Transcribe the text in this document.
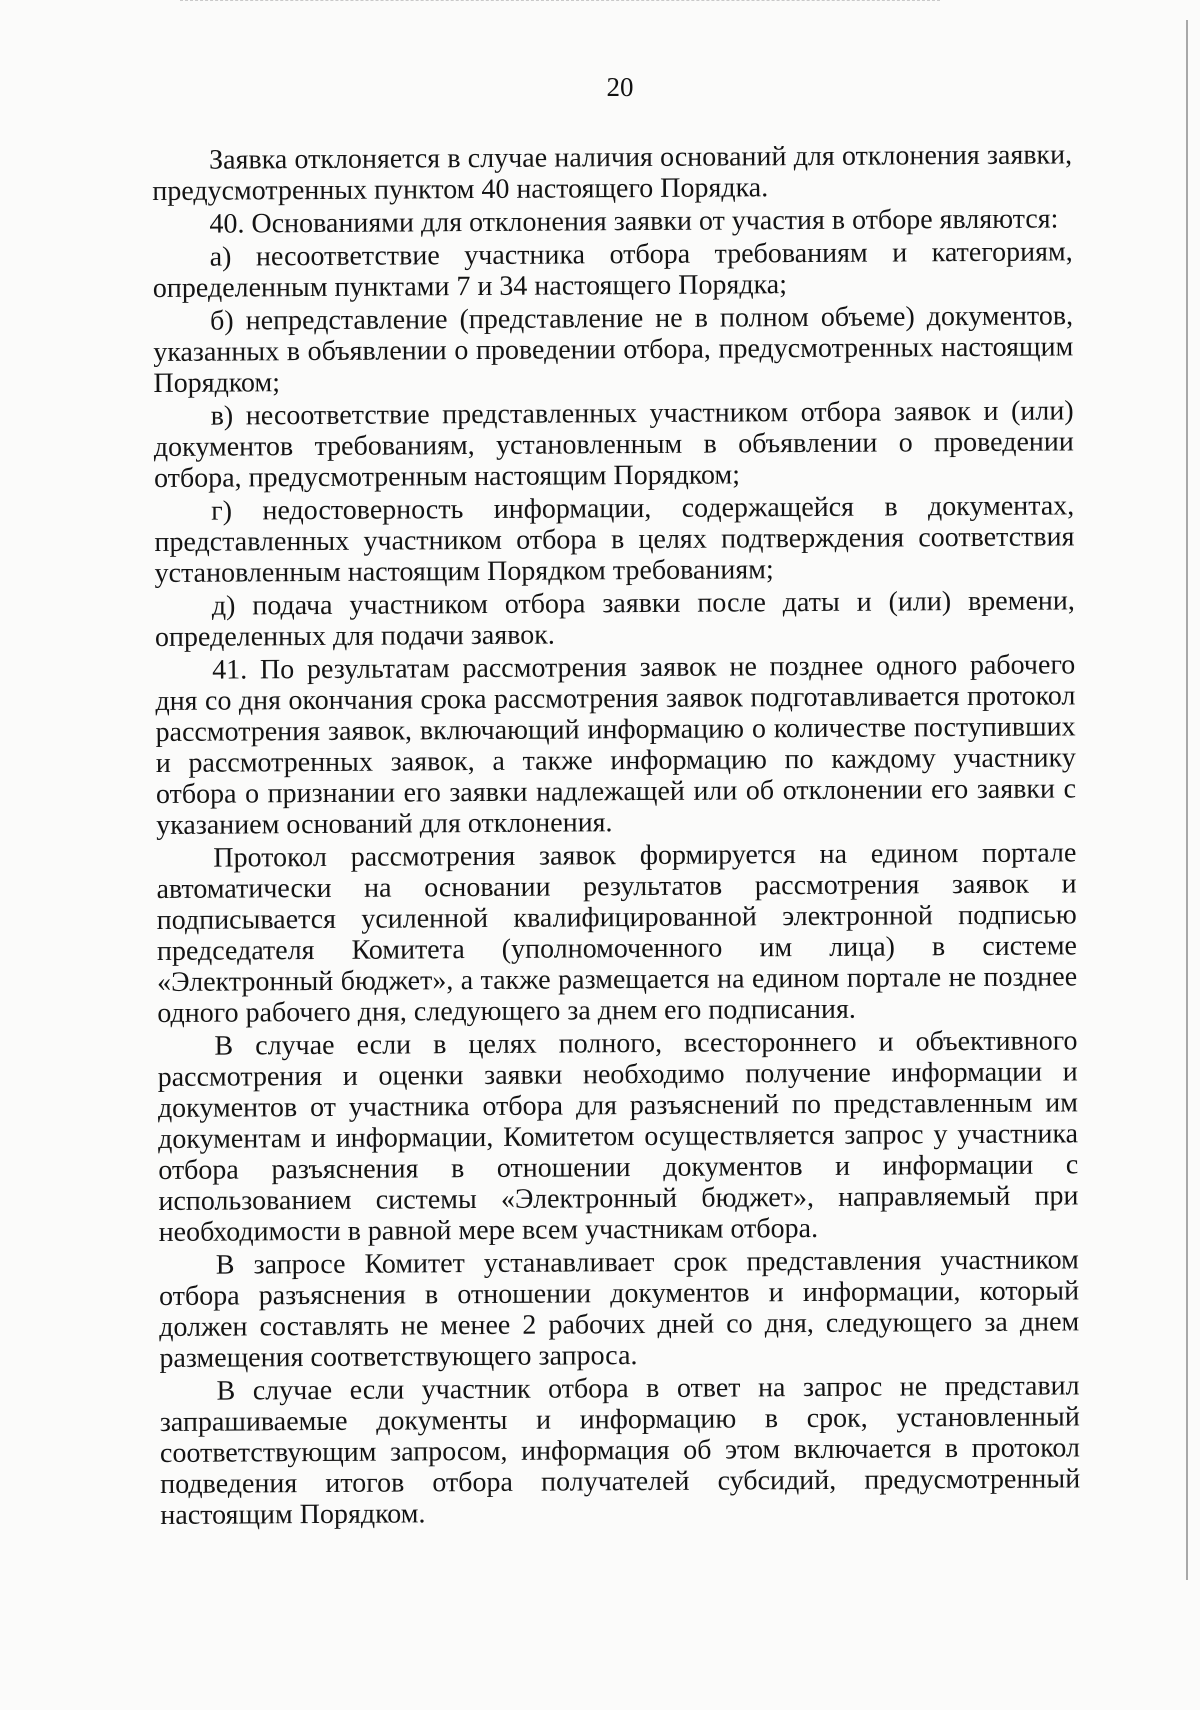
20

Заявка отклоняется в случае наличия оснований для отклонения заявки, предусмотренных пунктом 40 настоящего Порядка.

40. Основаниями для отклонения заявки от участия в отборе являются:

а) несоответствие участника отбора требованиям и категориям, определенным пунктами 7 и 34 настоящего Порядка;

б) непредставление (представление не в полном объеме) документов, указанных в объявлении о проведении отбора, предусмотренных настоящим Порядком;

в) несоответствие представленных участником отбора заявок и (или) документов требованиям, установленным в объявлении о проведении отбора, предусмотренным настоящим Порядком;

г) недостоверность информации, содержащейся в документах, представленных участником отбора в целях подтверждения соответствия установленным настоящим Порядком требованиям;

д) подача участником отбора заявки после даты и (или) времени, определенных для подачи заявок.

41. По результатам рассмотрения заявок не позднее одного рабочего дня со дня окончания срока рассмотрения заявок подготавливается протокол рассмотрения заявок, включающий информацию о количестве поступивших и рассмотренных заявок, а также информацию по каждому участнику отбора о признании его заявки надлежащей или об отклонении его заявки с указанием оснований для отклонения.

Протокол рассмотрения заявок формируется на едином портале автоматически на основании результатов рассмотрения заявок и подписывается усиленной квалифицированной электронной подписью председателя Комитета (уполномоченного им лица) в системе «Электронный бюджет», а также размещается на едином портале не позднее одного рабочего дня, следующего за днем его подписания.

В случае если в целях полного, всестороннего и объективного рассмотрения и оценки заявки необходимо получение информации и документов от участника отбора для разъяснений по представленным им документам и информации, Комитетом осуществляется запрос у участника отбора разъяснения в отношении документов и информации с использованием системы «Электронный бюджет», направляемый при необходимости в равной мере всем участникам отбора.

В запросе Комитет устанавливает срок представления участником отбора разъяснения в отношении документов и информации, который должен составлять не менее 2 рабочих дней со дня, следующего за днем размещения соответствующего запроса.

В случае если участник отбора в ответ на запрос не представил запрашиваемые документы и информацию в срок, установленный соответствующим запросом, информация об этом включается в протокол подведения итогов отбора получателей субсидий, предусмотренный настоящим Порядком.
